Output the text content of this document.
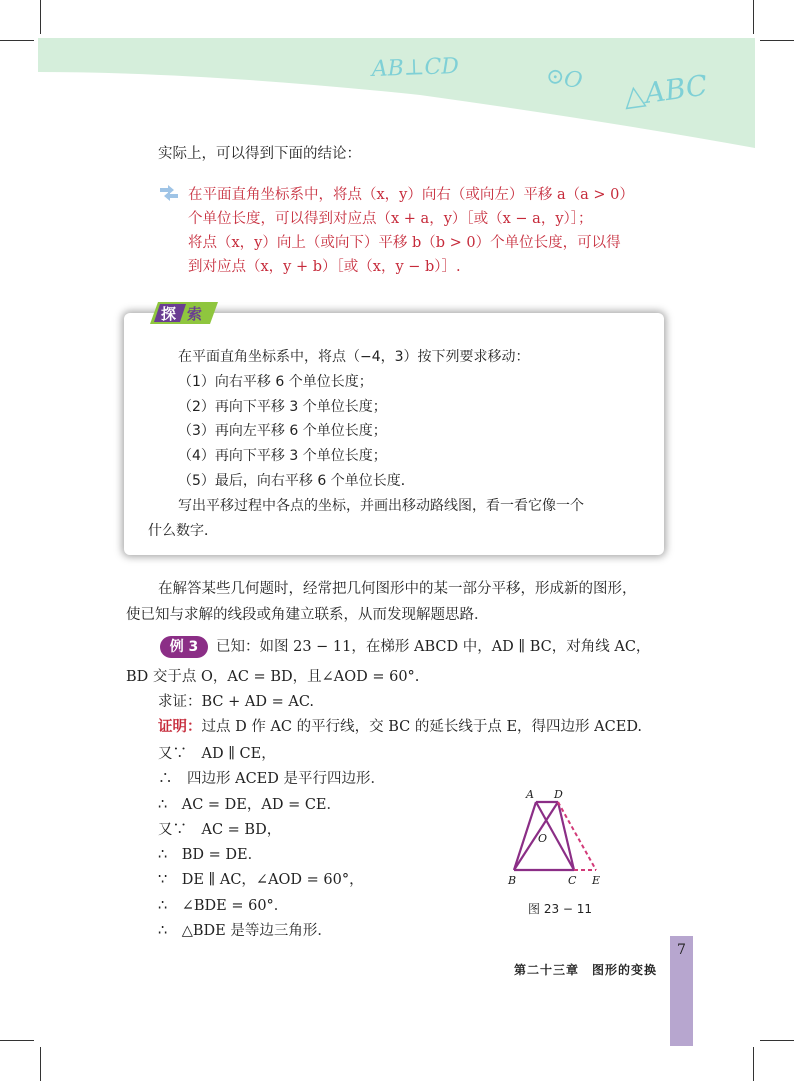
AB⊥CD	⊙O △ABC
实际上，可以得到下面的结论：
在平面直角坐标系中，将点（x，y）向右（或向左）平移 a（a > 0）
个单位长度，可以得到对应点（x + a，y）［或（x − a，y）］；
将点（x，y）向上（或向下）平移 b（b > 0）个单位长度，可以得
到对应点（x，y + b）［或（x，y − b）］.
探 索
在平面直角坐标系中，将点（−4，3）按下列要求移动：
（1）向右平移 6 个单位长度；
（2）再向下平移 3 个单位长度；
（3）再向左平移 6 个单位长度；
（4）再向下平移 3 个单位长度；
（5）最后，向右平移 6 个单位长度．
写出平移过程中各点的坐标，并画出移动路线图，看一看它像一个
什么数字．
在解答某些几何题时，经常把几何图形中的某一部分平移，形成新的图形，
使已知与求解的线段或角建立联系，从而发现解题思路．
例 3	已知：如图 23 − 11，在梯形 ABCD 中，AD ∥ BC，对角线 AC，
BD 交于点 O，AC = BD，且∠AOD = 60°.
求证：BC + AD = AC.
证明：过点 D 作 AC 的平行线，交 BC 的延长线于点 E，得四边形 ACED.
又∵　AD ∥ CE，
∴　四边形 ACED 是平行四边形．
∴　AC = DE，AD = CE．
又∵　AC = BD，
∴　BD = DE．
∵　DE ∥ AC，∠AOD = 60°，
∴　∠BDE = 60°．
∴　△BDE 是等边三角形．
A D
O
B	C E
图 23 − 11
第二十三章　图形的变换
7
